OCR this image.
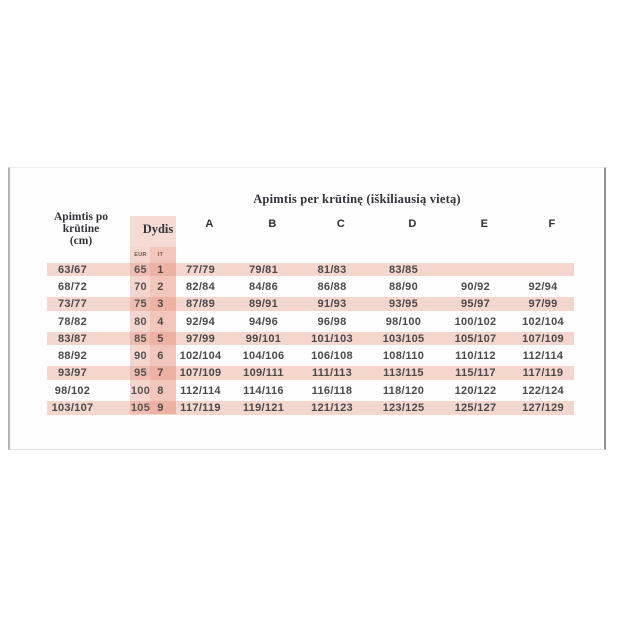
Apimtis per krūtinę (iškiliausią vietą)
Apimtis po
krūtine
(cm)
Dydis	A	B	C	D	E	F
EUR	IT
63/67	65 1	77/79	79/81	81/83	83/85
68/72	70 2	82/84	84/86	86/88	88/90	90/92	92/94
73/77	75 3	87/89	89/91	91/93	93/95	95/97	97/99
78/82	80 4	92/94	94/96	96/98	98/100	100/102	102/104
83/87	85 5	97/99	99/101	101/103	103/105	105/107	107/109
88/92	90 6	102/104	104/106	106/108	108/110	110/112	112/114
93/97	95 7	107/109	109/111	111/113	113/115	115/117	117/119
98/102	100 8	112/114	114/116	116/118	118/120	120/122	122/124
103/107	105 9	117/119	119/121	121/123	123/125	125/127	127/129
